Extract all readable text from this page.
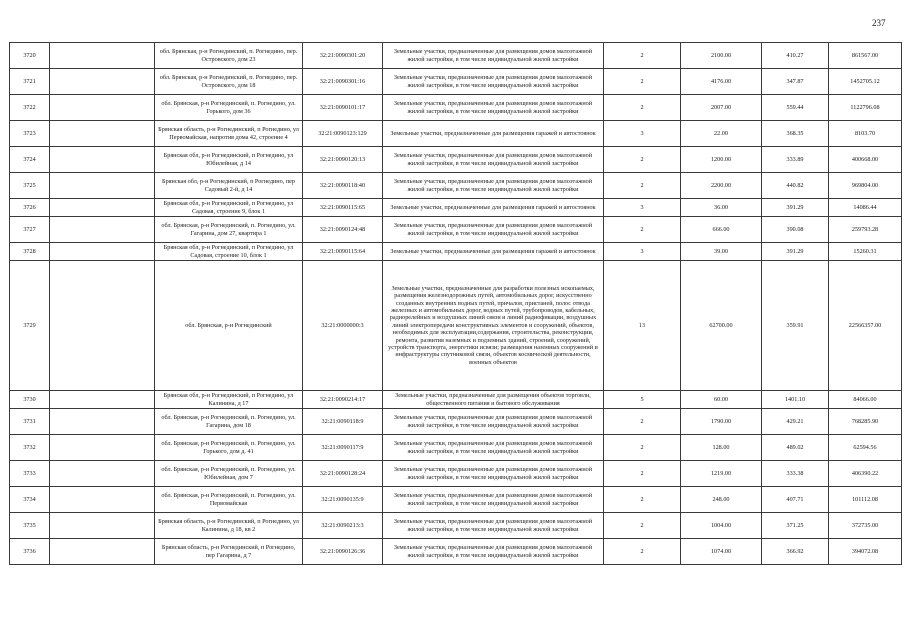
237
3720		обл. Брянская, р-н Рогнединский, п. Рогнедино, пер. Островского, дом 23	32:21:0090301:20	Земельные участки, предназначенные для размещения домов малоэтажной жилой застройки, в том числе индивидуальной жилой застройки	2	2100.00	410.27	861567.00
3721		обл. Брянская, р-н Рогнединский, п. Рогнедино, пер. Островского, дом 18	32:21:0090301:16	Земельные участки, предназначенные для размещения домов малоэтажной жилой застройки, в том числе индивидуальной жилой застройки	2	4176.00	347.87	1452705.12
3722		обл. Брянская, р-н Рогнединский, п. Рогнедино, ул. Горького, дом 36	32:21:0090101:17	Земельные участки, предназначенные для размещения домов малоэтажной жилой застройки, в том числе индивидуальной жилой застройки	2	2007.00	559.44	1122796.08
3723		Брянская область, р-н Рогнединский, п Рогнедино, ул Первомайская, напротив дома 42, строение 4	32:21:0090123:129	Земельные участки, предназначенные для размещения гаражей и автостоянок	3	22.00	368.35	8103.70
3724		Брянская обл, р-н Рогнединский, п Рогнедино, ул Юбилейная, д 14	32:21:0090120:13	Земельные участки, предназначенные для размещения домов малоэтажной жилой застройки, в том числе индивидуальной жилой застройки	2	1200.00	333.89	400668.00
3725		Брянская обл, р-н Рогнединский, п Рогнедино, пер Садовый 2-й, д 14	32:21:0090118:40	Земельные участки, предназначенные для размещения домов малоэтажной жилой застройки, в том числе индивидуальной жилой застройки	2	2200.00	440.82	969804.00
3726		Брянская обл, р-н Рогнединский, п Рогнедино, ул Садовая, строение 9, блок 1	32:21:0090115:65	Земельные участки, предназначенные для размещения гаражей и автостоянок	3	36.00	391.29	14086.44
3727		обл. Брянская, р-н Рогнединский, п. Рогнедино, ул. Гагарина, дом 27, квартира 1	32:21:0090124:48	Земельные участки, предназначенные для размещения домов малоэтажной жилой застройки, в том числе индивидуальной жилой застройки	2	666.00	390.08	259793.28
3728		Брянская обл, р-н Рогнединский, п Рогнедино, ул Садовая, строение 10, блок 1	32:21:0090115:64	Земельные участки, предназначенные для размещения гаражей и автостоянок	3	39.00	391.29	15260.31
3729		обл. Брянская, р-н Рогнединский	32:21:0000000:3	Земельные участки, предназначенные для разработки полезных ископаемых, размещения железнодорожных путей, автомобильных дорог, искусственно созданных внутренних водных путей, причалов, пристаней, полос отвода железных и автомобильных дорог, водных путей, трубопроводов, кабельных, радиорелейных и воздушных линий связи и линий радиофикации, воздушных линий электропередачи конструктивных элементов и сооружений, объектов, необходимых для эксплуатации,содержания, строительства, реконструкции, ремонта, развития наземных и подземных зданий, строений, сооружений, устройств транспорта, энергетики исвязи; размещения наземных сооружений и инфраструктуры спутниковой связи, объектов космической деятельности, военных объектов	13	62700.00	359.91	22566357.00
3730		Брянская обл, р-н Рогнединский, п Рогнедино, ул Калинина, д 17	32:21:0090214:17	Земельные участки, предназначенные для размещения объектов торговли, общественного питания и бытового обслуживания	5	60.00	1401.10	84066.00
3731		обл. Брянская, р-н Рогнединский, п. Рогнедино, ул. Гагарина, дом 18	32:21:0090118:9	Земельные участки, предназначенные для размещения домов малоэтажной жилой застройки, в том числе индивидуальной жилой застройки	2	1790.00	429.21	768285.90
3732		обл. Брянская, р-н Рогнединский, п. Рогнедино, ул. Горького, дом д. 41	32:21:0090117:9	Земельные участки, предназначенные для размещения домов малоэтажной жилой застройки, в том числе индивидуальной жилой застройки	2	128.00	489.02	62594.56
3733		обл. Брянская, р-н Рогнединский, п. Рогнедино, ул. Юбилейная, дом 7	32:21:0090128:24	Земельные участки, предназначенные для размещения домов малоэтажной жилой застройки, в том числе индивидуальной жилой застройки	2	1219.00	333.38	406390.22
3734		обл. Брянская, р-н Рогнединский, п. Рогнедино, ул. Первомайская	32:21:0090135:9	Земельные участки, предназначенные для размещения домов малоэтажной жилой застройки, в том числе индивидуальной жилой застройки	2	248.00	407.71	101112.08
3735		Брянская область, р-н Рогнединский, п Рогнедино, ул Калинина, д 18, кв 2	32:21:0090213:3	Земельные участки, предназначенные для размещения домов малоэтажной жилой застройки, в том числе индивидуальной жилой застройки	2	1004.00	371.25	372735.00
3736		Брянская область, р-н Рогнединский, п Рогнедино, пер Гагарина, д 7	32:21:0090126:36	Земельные участки, предназначенные для размещения домов малоэтажной жилой застройки, в том числе индивидуальной жилой застройки	2	1074.00	366.92	394072.08
